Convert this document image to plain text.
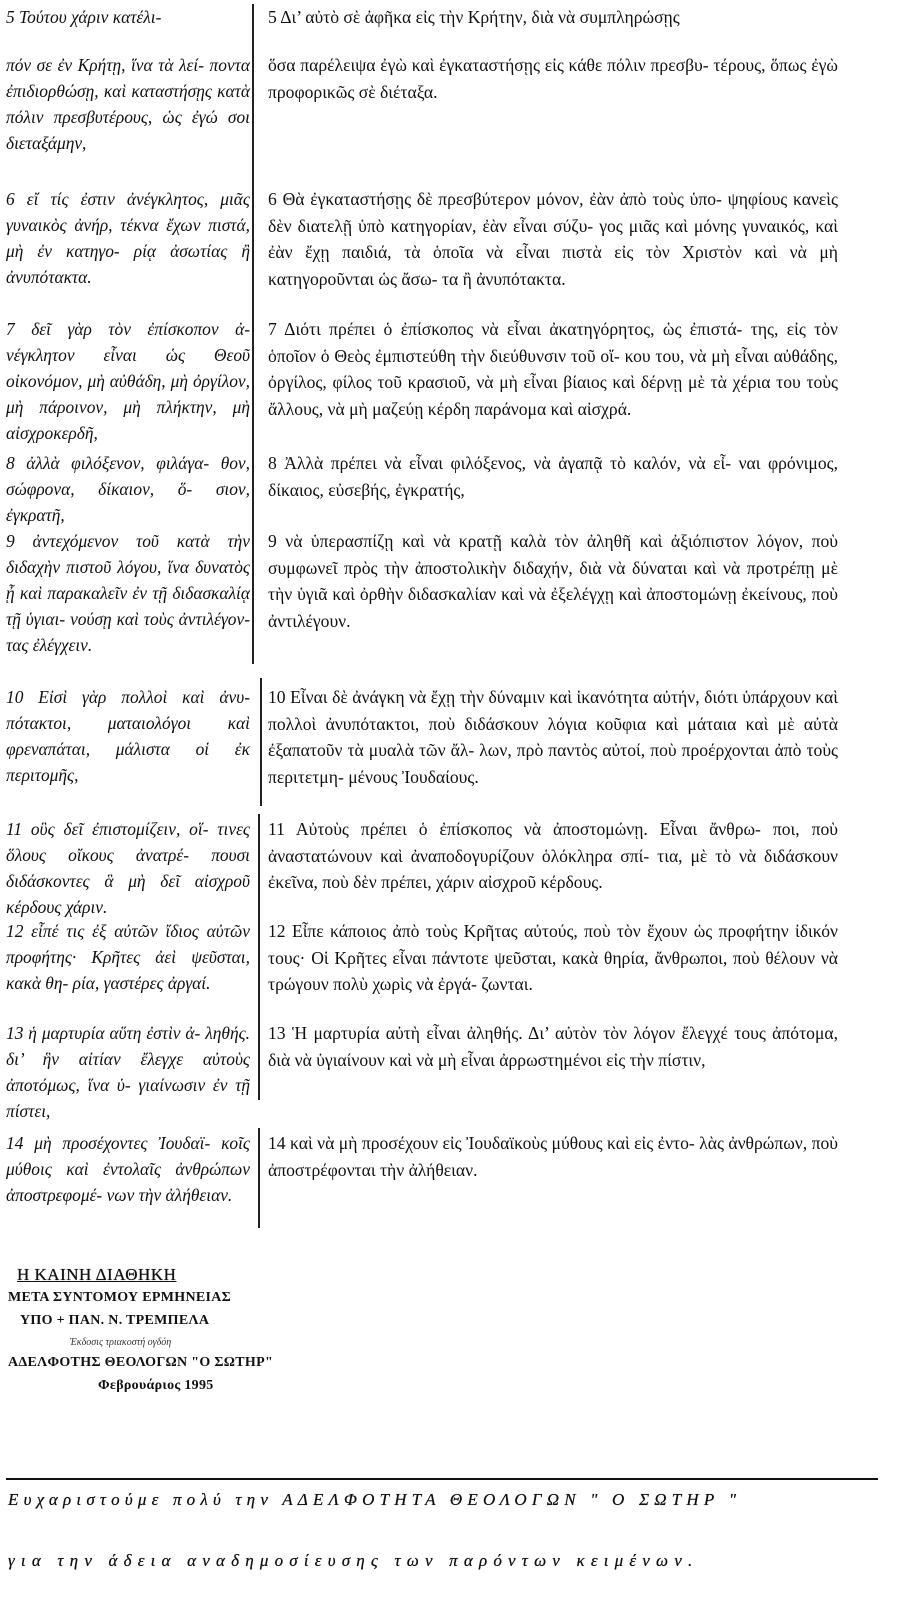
5 Τούτου χάριν κατέλι-	5 Δι’ αὐτὸ σὲ ἀφῆκα εἰς τὴν Κρήτην, διὰ νὰ συμπληρώσῃς
πόν σε ἐν Κρήτῃ, ἵνα τὰ λεί- ποντα ἐπιδιορθώσῃ, καὶ καταστήσῃς κατὰ πόλιν πρεσβυτέρους, ὡς ἐγώ σοι διεταξάμην,
ὅσα παρέλειψα ἐγὼ καὶ ἐγκαταστήσῃς εἰς κάθε πόλιν πρεσβυ- τέρους, ὅπως ἐγὼ προφορικῶς σὲ διέταξα.
6 εἴ τίς ἐστιν ἀνέγκλητος, μιᾶς γυναικὸς ἀνήρ, τέκνα ἔχων πιστά, μὴ ἐν κατηγο- ρίᾳ ἀσωτίας ἢ ἀνυπότακτα.
6 Θὰ ἐγκαταστήσῃς δὲ πρεσβύτερον μόνον, ἐὰν ἀπὸ τοὺς ὑπο- ψηφίους κανεὶς δὲν διατελῇ ὑπὸ κατηγορίαν, ἐὰν εἶναι σύζυ- γος μιᾶς καὶ μόνης γυναικός, καὶ ἐὰν ἔχῃ παιδιά, τὰ ὁποῖα νὰ εἶναι πιστὰ εἰς τὸν Χριστὸν καὶ νὰ μὴ κατηγοροῦνται ὡς ἄσω- τα ἢ ἀνυπότακτα.
7 δεῖ γὰρ τὸν ἐπίσκοπον ἀ- νέγκλητον εἶναι ὡς Θεοῦ οἰκονόμον, μὴ αὐθάδη, μὴ ὀργίλον, μὴ πάροινον, μὴ πλήκτην, μὴ αἰσχροκερδῆ,
7 Διότι πρέπει ὁ ἐπίσκοπος νὰ εἶναι ἀκατηγόρητος, ὡς ἐπιστά- της, εἰς τὸν ὁποῖον ὁ Θεὸς ἐμπιστεύθη τὴν διεύθυνσιν τοῦ οἴ- κου του, νὰ μὴ εἶναι αὐθάδης, ὀργίλος, φίλος τοῦ κρασιοῦ, νὰ μὴ εἶναι βίαιος καὶ δέρνῃ μὲ τὰ χέρια του τοὺς ἄλλους, νὰ μὴ μαζεύῃ κέρδη παράνομα καὶ αἰσχρά.
8 ἀλλὰ φιλόξενον, φιλάγα- θον, σώφρονα, δίκαιον, ὅ- σιον, ἐγκρατῆ,
8 Ἀλλὰ πρέπει νὰ εἶναι φιλόξενος, νὰ ἀγαπᾷ τὸ καλόν, νὰ εἶ- ναι φρόνιμος, δίκαιος, εὐσεβής, ἐγκρατής,
9 ἀντεχόμενον τοῦ κατὰ τὴν διδαχὴν πιστοῦ λόγου, ἵνα δυνατὸς ᾖ καὶ παρακαλεῖν ἐν τῇ διδασκαλίᾳ τῇ ὑγιαι- νούσῃ καὶ τοὺς ἀντιλέγον- τας ἐλέγχειν.
9 νὰ ὑπερασπίζῃ καὶ νὰ κρατῇ καλὰ τὸν ἀληθῆ καὶ ἀξιόπιστον λόγον, ποὺ συμφωνεῖ πρὸς τὴν ἀποστολικὴν διδαχήν, διὰ νὰ δύναται καὶ νὰ προτρέπῃ μὲ τὴν ὑγιᾶ καὶ ὀρθὴν διδασκαλίαν καὶ νὰ ἐξελέγχῃ καὶ ἀποστομώνῃ ἐκείνους, ποὺ ἀντιλέγουν.
10 Εἰσὶ γὰρ πολλοὶ καὶ ἀνυ- πότακτοι, ματαιολόγοι καὶ φρεναπάται, μάλιστα οἱ ἐκ περιτομῆς,
10 Εἶναι δὲ ἀνάγκη νὰ ἔχῃ τὴν δύναμιν καὶ ἱκανότητα αὐτήν, διότι ὑπάρχουν καὶ πολλοὶ ἀνυπότακτοι, ποὺ διδάσκουν λόγια κοῦφια καὶ μάταια καὶ μὲ αὐτὰ ἐξαπατοῦν τὰ μυαλὰ τῶν ἄλ- λων, πρὸ παντὸς αὐτοί, ποὺ προέρχονται ἀπὸ τοὺς περιτετμη- μένους Ἰουδαίους.
11 οὓς δεῖ ἐπιστομίζειν, οἵ- τινες ὅλους οἴκους ἀνατρέ- πουσι διδάσκοντες ἃ μὴ δεῖ αἰσχροῦ κέρδους χάριν.
11 Αὐτοὺς πρέπει ὁ ἐπίσκοπος νὰ ἀποστομώνῃ. Εἶναι ἄνθρω- ποι, ποὺ ἀναστατώνουν καὶ ἀναποδογυρίζουν ὁλόκληρα σπί- τια, μὲ τὸ νὰ διδάσκουν ἐκεῖνα, ποὺ δὲν πρέπει, χάριν αἰσχροῦ κέρδους.
12 εἶπέ τις ἐξ αὐτῶν ἴδιος αὐτῶν προφήτης· Κρῆτες ἀεὶ ψεῦσται, κακὰ θη- ρία, γαστέρες ἀργαί.
12 Εἶπε κάποιος ἀπὸ τοὺς Κρῆτας αὐτούς, ποὺ τὸν ἔχουν ὡς προφήτην ἰδικόν τους· Οἱ Κρῆτες εἶναι πάντοτε ψεῦσται, κακὰ θηρία, ἄνθρωποι, ποὺ θέλουν νὰ τρώγουν πολὺ χωρὶς νὰ ἐργά- ζωνται.
13 ἡ μαρτυρία αὕτη ἐστὶν ἀ- ληθής. δι’ ἣν αἰτίαν ἔλεγχε αὐτοὺς ἀποτόμως, ἵνα ὑ- γιαίνωσιν ἐν τῇ πίστει,
13 Ἡ μαρτυρία αὐτὴ εἶναι ἀληθής. Δι’ αὐτὸν τὸν λόγον ἔλεγχέ τους ἀπότομα, διὰ νὰ ὑγιαίνουν καὶ νὰ μὴ εἶναι ἀρρωστημένοι εἰς τὴν πίστιν,
14 μὴ προσέχοντες Ἰουδαϊ- κοῖς μύθοις καὶ ἐντολαῖς ἀνθρώπων ἀποστρεφομέ- νων τὴν ἀλήθειαν.
14 καὶ νὰ μὴ προσέχουν εἰς Ἰουδαϊκοὺς μύθους καὶ εἰς ἐντο- λὰς ἀνθρώπων, ποὺ ἀποστρέφονται τὴν ἀλήθειαν.
Η ΚΑΙΝΗ ΔΙΑΘΗΚΗ
ΜΕΤΑ ΣΥΝΤΟΜΟΥ ΕΡΜΗΝΕΙΑΣ
ΥΠΟ + ΠΑΝ. Ν. ΤΡΕΜΠΕΛΑ
Έκδοσις τριακοστή ογδόη
ΑΔΕΛΦΟΤΗΣ ΘΕΟΛΟΓΩΝ "Ο ΣΩΤΗΡ"
Φεβρουάριος 1995
Ευχαριστούμε πολύ την ΑΔΕΛΦΟΤΗΤΑ ΘΕΟΛΟΓΩΝ " Ο ΣΩΤΗΡ "
για την άδεια αναδημοσίευσης των παρόντων κειμένων.
